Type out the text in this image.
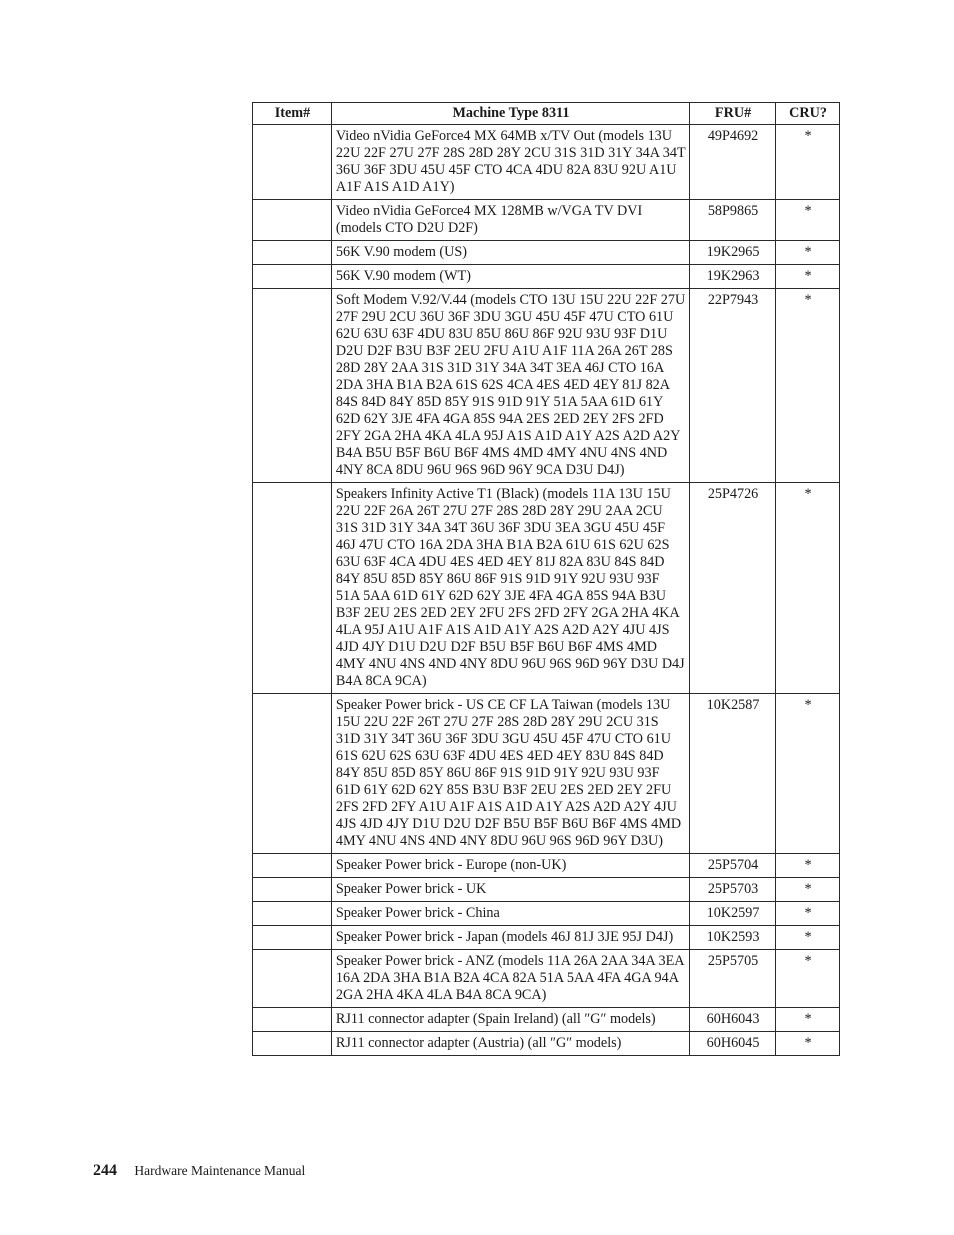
Item#	Machine Type 8311	FRU#	CRU?
	Video nVidia GeForce4 MX 64MB x/TV Out (models 13U 22U 22F 27U 27F 28S 28D 28Y 2CU 31S 31D 31Y 34A 34T 36U 36F 3DU 45U 45F CTO 4CA 4DU 82A 83U 92U A1U A1F A1S A1D A1Y)	49P4692	*
	Video nVidia GeForce4 MX 128MB w/VGA TV DVI (models CTO D2U D2F)	58P9865	*
	56K V.90 modem (US)	19K2965	*
	56K V.90 modem (WT)	19K2963	*
	Soft Modem V.92/V.44 (models CTO 13U 15U 22U 22F 27U 27F 29U 2CU 36U 36F 3DU 3GU 45U 45F 47U CTO 61U 62U 63U 63F 4DU 83U 85U 86U 86F 92U 93U 93F D1U D2U D2F B3U B3F 2EU 2FU A1U A1F 11A 26A 26T 28S 28D 28Y 2AA 31S 31D 31Y 34A 34T 3EA 46J CTO 16A 2DA 3HA B1A B2A 61S 62S 4CA 4ES 4ED 4EY 81J 82A 84S 84D 84Y 85D 85Y 91S 91D 91Y 51A 5AA 61D 61Y 62D 62Y 3JE 4FA 4GA 85S 94A 2ES 2ED 2EY 2FS 2FD 2FY 2GA 2HA 4KA 4LA 95J A1S A1D A1Y A2S A2D A2Y B4A B5U B5F B6U B6F 4MS 4MD 4MY 4NU 4NS 4ND 4NY 8CA 8DU 96U 96S 96D 96Y 9CA D3U D4J)	22P7943	*
	Speakers Infinity Active T1 (Black) (models 11A 13U 15U 22U 22F 26A 26T 27U 27F 28S 28D 28Y 29U 2AA 2CU 31S 31D 31Y 34A 34T 36U 36F 3DU 3EA 3GU 45U 45F 46J 47U CTO 16A 2DA 3HA B1A B2A 61U 61S 62U 62S 63U 63F 4CA 4DU 4ES 4ED 4EY 81J 82A 83U 84S 84D 84Y 85U 85D 85Y 86U 86F 91S 91D 91Y 92U 93U 93F 51A 5AA 61D 61Y 62D 62Y 3JE 4FA 4GA 85S 94A B3U B3F 2EU 2ES 2ED 2EY 2FU 2FS 2FD 2FY 2GA 2HA 4KA 4LA 95J A1U A1F A1S A1D A1Y A2S A2D A2Y 4JU 4JS 4JD 4JY D1U D2U D2F B5U B5F B6U B6F 4MS 4MD 4MY 4NU 4NS 4ND 4NY 8DU 96U 96S 96D 96Y D3U D4J B4A 8CA 9CA)	25P4726	*
	Speaker Power brick - US CE CF LA Taiwan (models 13U 15U 22U 22F 26T 27U 27F 28S 28D 28Y 29U 2CU 31S 31D 31Y 34T 36U 36F 3DU 3GU 45U 45F 47U CTO 61U 61S 62U 62S 63U 63F 4DU 4ES 4ED 4EY 83U 84S 84D 84Y 85U 85D 85Y 86U 86F 91S 91D 91Y 92U 93U 93F 61D 61Y 62D 62Y 85S B3U B3F 2EU 2ES 2ED 2EY 2FU 2FS 2FD 2FY A1U A1F A1S A1D A1Y A2S A2D A2Y 4JU 4JS 4JD 4JY D1U D2U D2F B5U B5F B6U B6F 4MS 4MD 4MY 4NU 4NS 4ND 4NY 8DU 96U 96S 96D 96Y D3U)	10K2587	*
	Speaker Power brick - Europe (non-UK)	25P5704	*
	Speaker Power brick - UK	25P5703	*
	Speaker Power brick - China	10K2597	*
	Speaker Power brick - Japan (models 46J 81J 3JE 95J D4J)	10K2593	*
	Speaker Power brick - ANZ (models 11A 26A 2AA 34A 3EA 16A 2DA 3HA B1A B2A 4CA 82A 51A 5AA 4FA 4GA 94A 2GA 2HA 4KA 4LA B4A 8CA 9CA)	25P5705	*
	RJ11 connector adapter (Spain Ireland) (all ″G″ models)	60H6043	*
	RJ11 connector adapter (Austria) (all ″G″ models)	60H6045	*
244 Hardware Maintenance Manual
